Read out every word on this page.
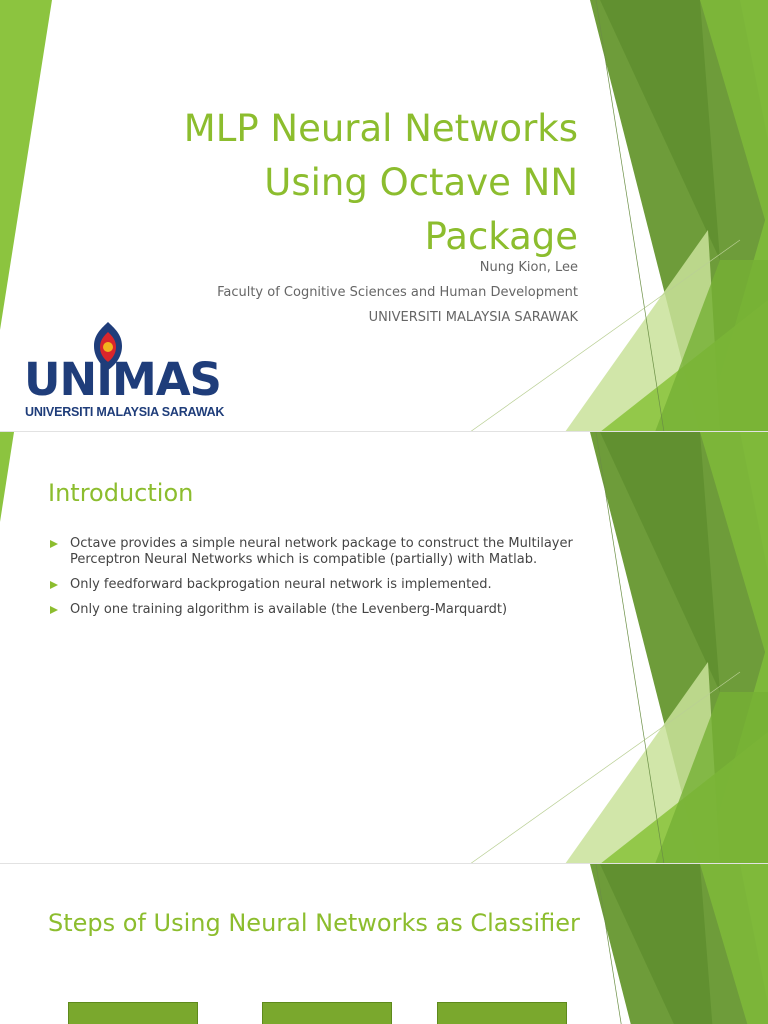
MLP Neural Networks
Using Octave NN
Package
Nung Kion, Lee
Faculty of Cognitive Sciences and Human Development
UNIVERSITI MALAYSIA SARAWAK
UNIMAS
UNIVERSITI MALAYSIA SARAWAK
Introduction
Octave provides a simple neural network package to construct the Multilayer Perceptron Neural Networks which is compatible (partially) with Matlab.
Only feedforward backprogation neural network is implemented.
Only one training algorithm is available (the Levenberg-Marquardt)
Steps of Using Neural Networks as Classifier
